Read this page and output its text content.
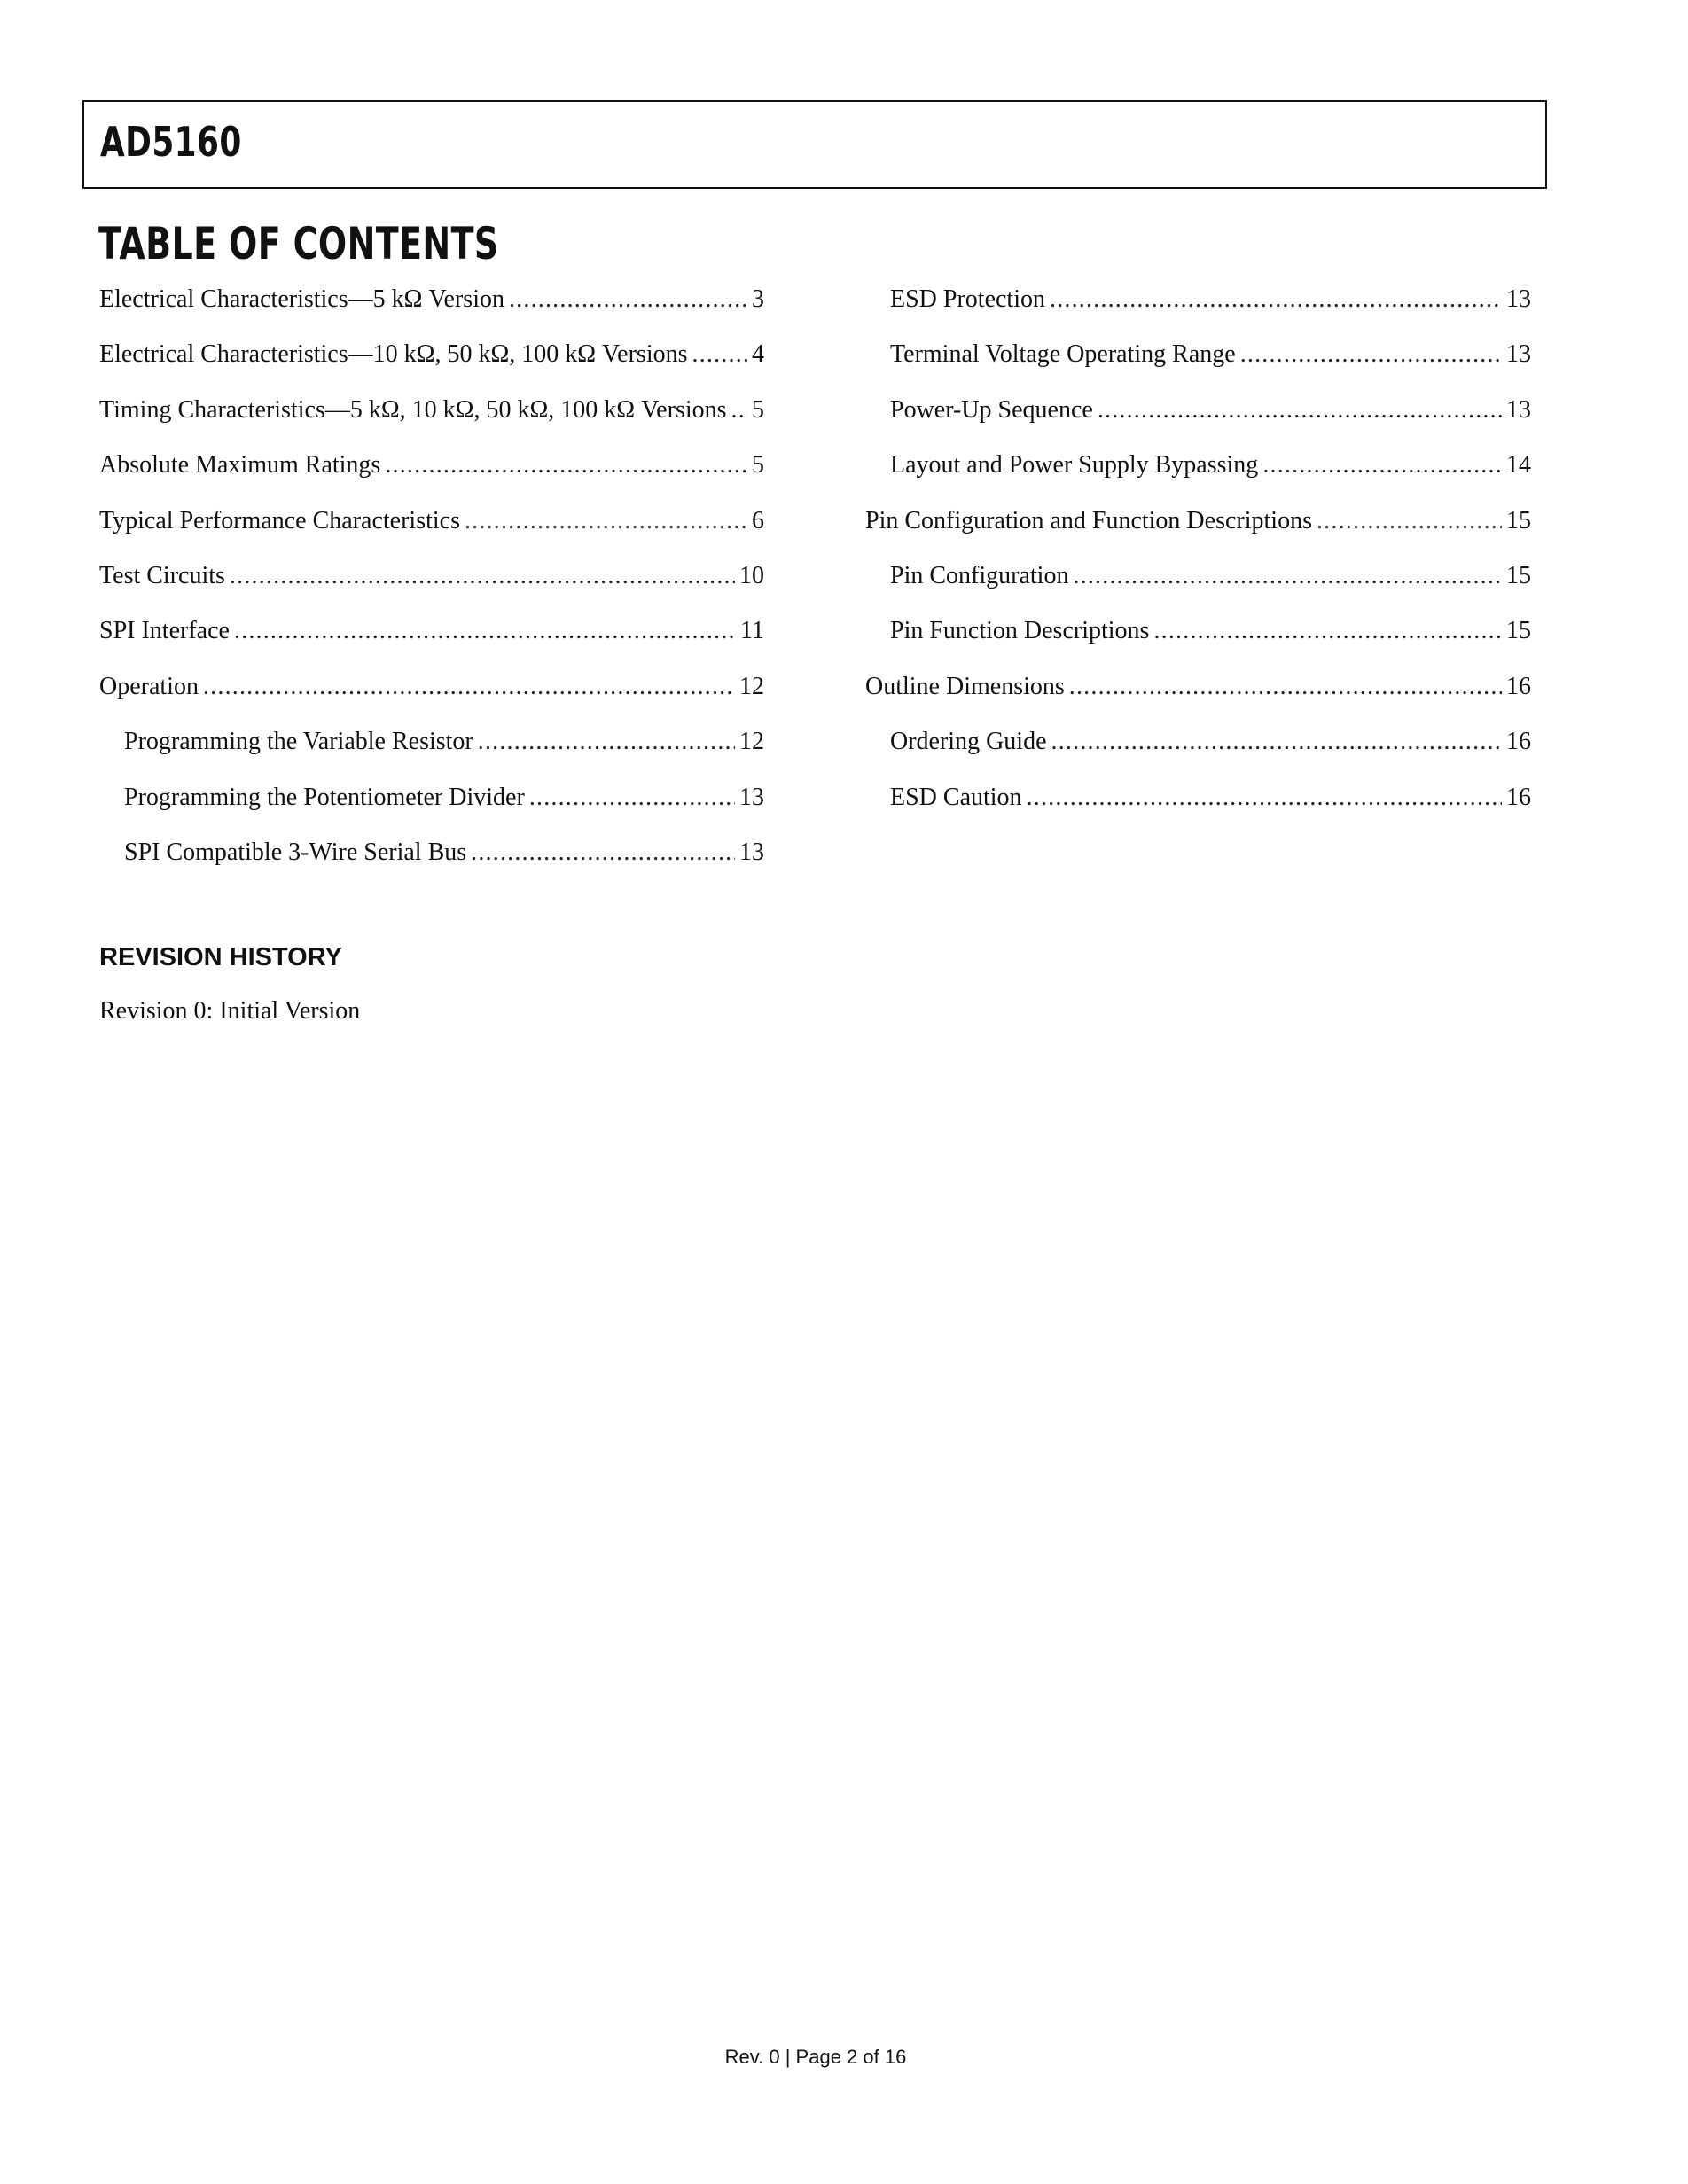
AD5160
TABLE OF CONTENTS
Electrical Characteristics—5 kΩ Version .....	3
Electrical Characteristics—10 kΩ, 50 kΩ, 100 kΩ Versions .....	4
Timing Characteristics—5 kΩ, 10 kΩ, 50 kΩ, 100 kΩ Versions ..... 5
Absolute Maximum Ratings .....	5
Typical Performance Characteristics .....	6
Test Circuits .....	10
SPI Interface .....	11
Operation .....	12
Programming the Variable Resistor .....	12
Programming the Potentiometer Divider .....	13
SPI Compatible 3-Wire Serial Bus .....	13
ESD Protection .....	13
Terminal Voltage Operating Range .....	13
Power-Up Sequence .....	13
Layout and Power Supply Bypassing .....	14
Pin Configuration and Function Descriptions .....	15
Pin Configuration .....	15
Pin Function Descriptions .....	15
Outline Dimensions .....	16
Ordering Guide .....	16
ESD Caution .....	16
REVISION HISTORY

Revision 0: Initial Version

Rev. 0 | Page 2 of 16
